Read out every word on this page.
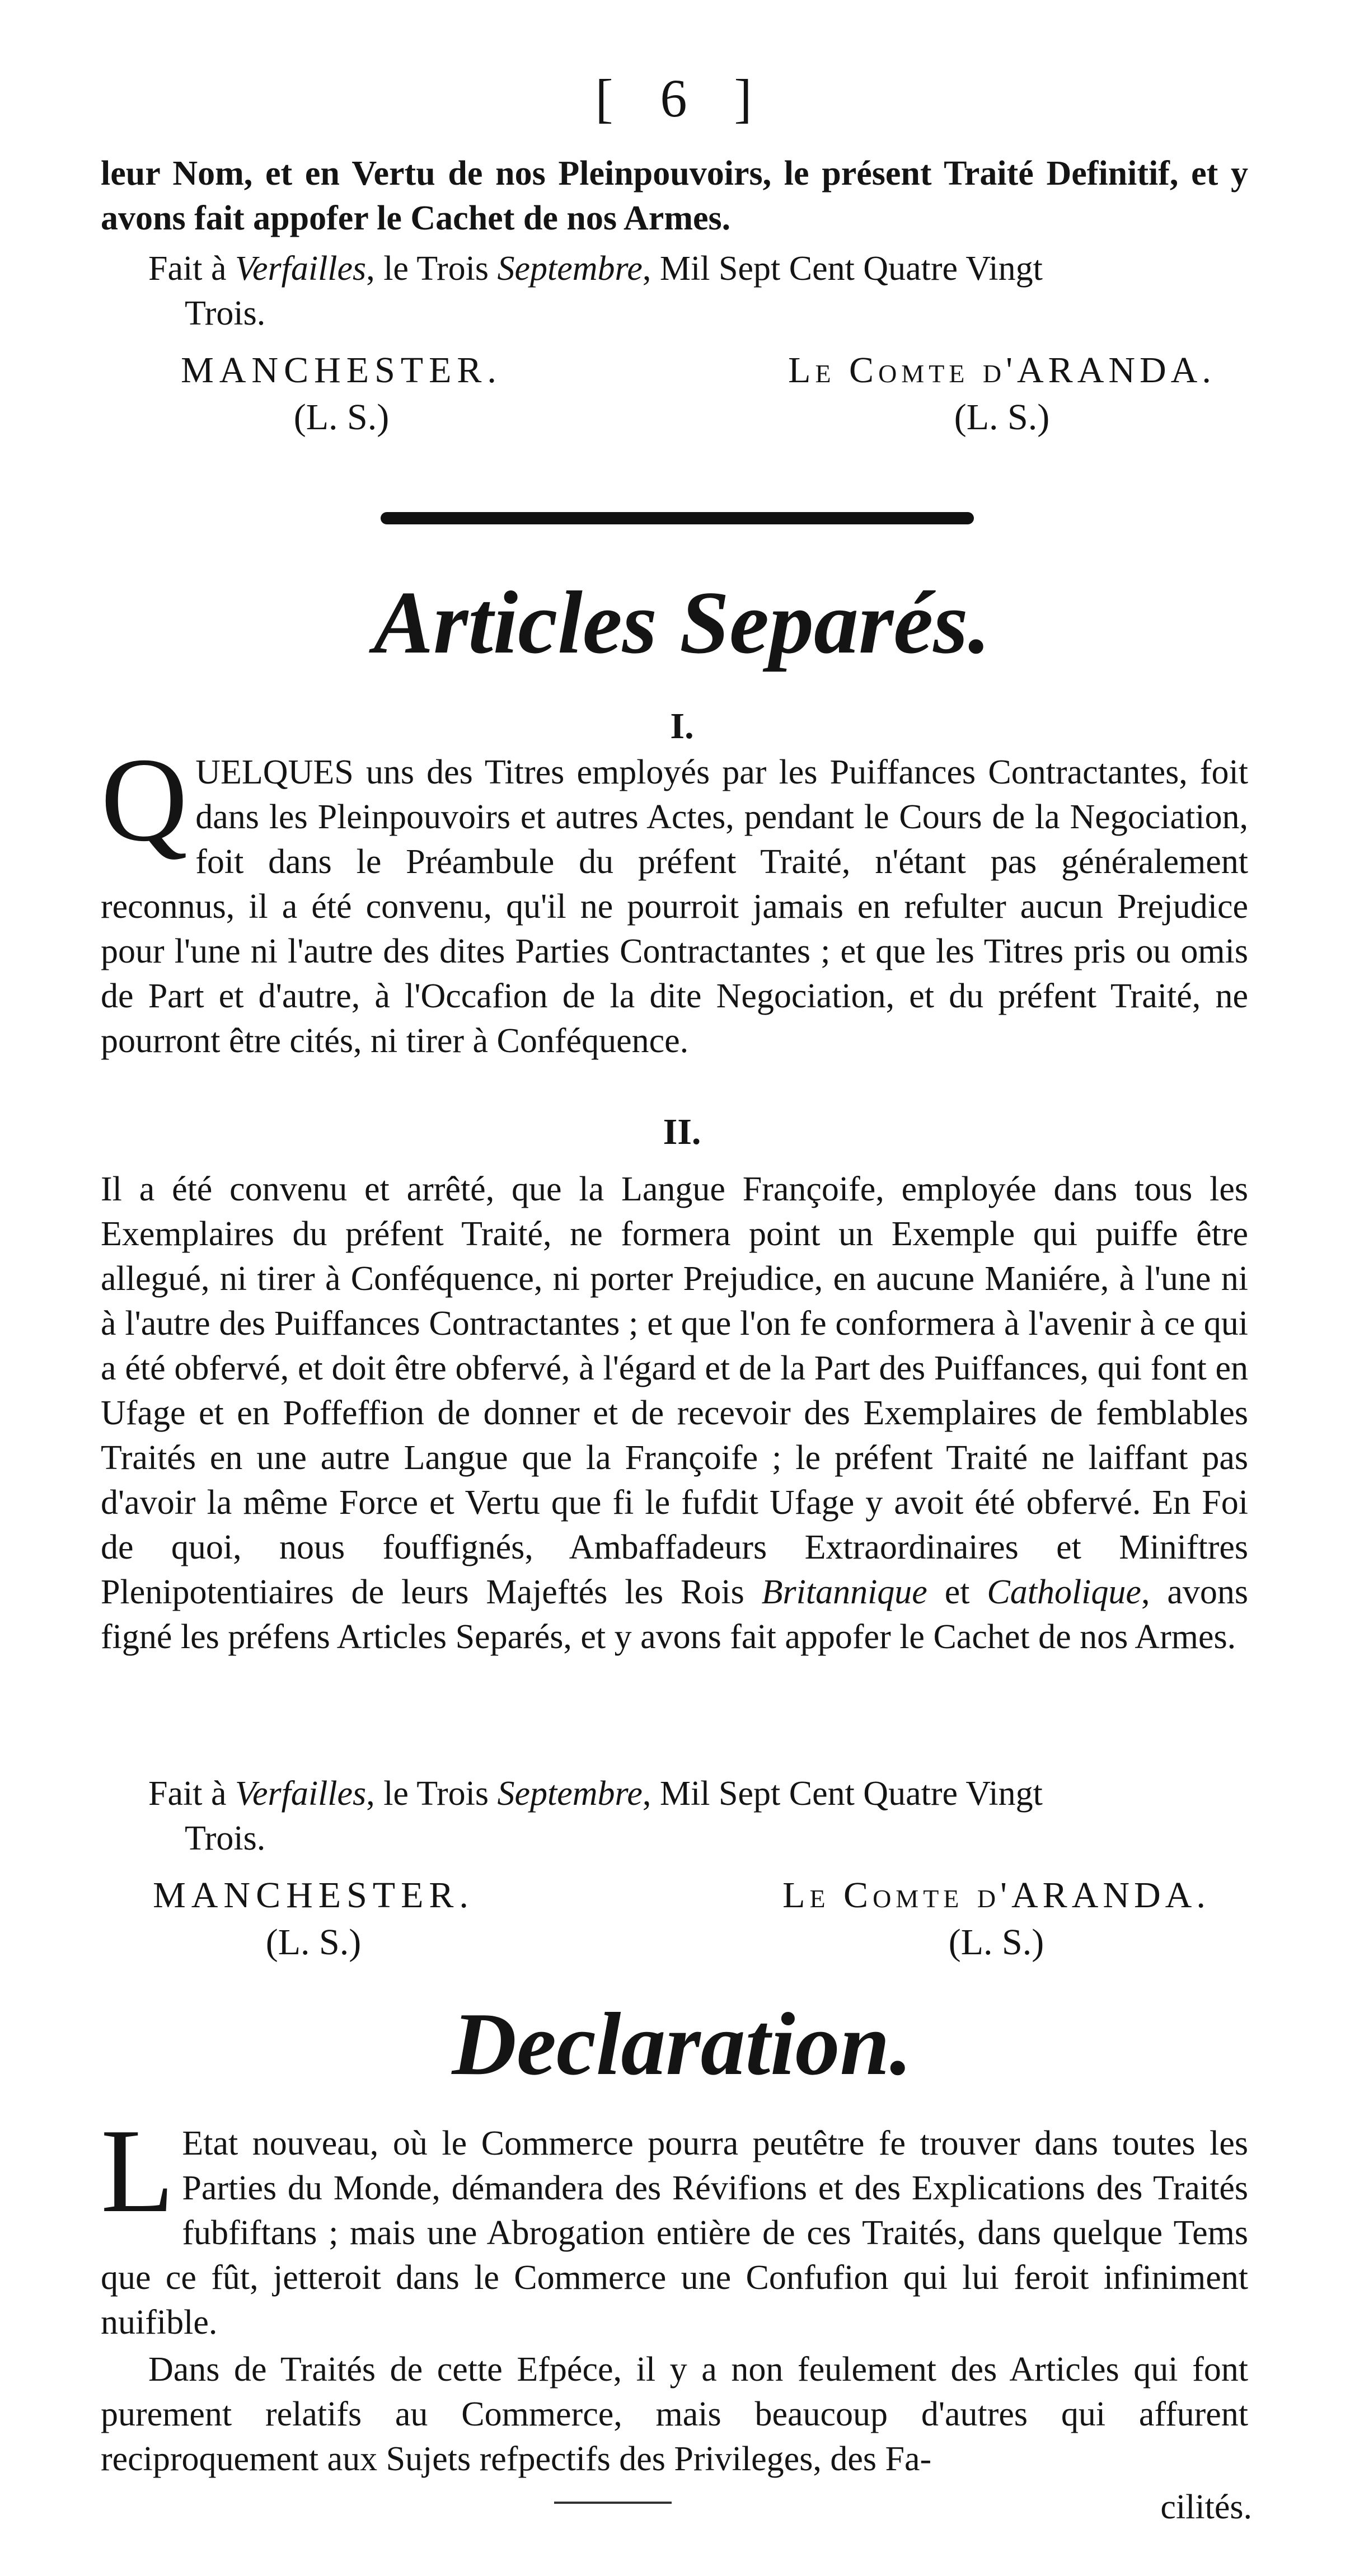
[ 6 ]

leur Nom, et en Vertu de nos Pleinpouvoirs, le présent Traité Definitif, et y avons fait appofer le Cachet de nos Armes.

Fait à Verfailles, le Trois Septembre, Mil Sept Cent Quatre Vingt

Trois.

MANCHESTER.
(L. S.)
Le Comte d'ARANDA.
(L. S.)
Articles Separés.
I.

QUELQUES uns des Titres employés par les Puiffances Contractantes, foit dans les Pleinpouvoirs et autres Actes, pendant le Cours de la Negociation, foit dans le Préambule du préfent Traité, n'étant pas généralement reconnus, il a été convenu, qu'il ne pourroit jamais en refulter aucun Prejudice pour l'une ni l'autre des dites Parties Contractantes ; et que les Titres pris ou omis de Part et d'autre, à l'Occafion de la dite Negociation, et du préfent Traité, ne pourront être cités, ni tirer à Conféquence.

II.

Il a été convenu et arrêté, que la Langue Françoife, employée dans tous les Exemplaires du préfent Traité, ne formera point un Exemple qui puiffe être allegué, ni tirer à Conféquence, ni porter Prejudice, en aucune Maniére, à l'une ni à l'autre des Puiffances Contractantes ; et que l'on fe conformera à l'avenir à ce qui a été obfervé, et doit être obfervé, à l'égard et de la Part des Puiffances, qui font en Ufage et en Poffeffion de donner et de recevoir des Exemplaires de femblables Traités en une autre Langue que la Françoife ; le préfent Traité ne laiffant pas d'avoir la même Force et Vertu que fi le fufdit Ufage y avoit été obfervé. En Foi de quoi, nous fouffignés, Ambaffadeurs Extraordinaires et Miniftres Plenipotentiaires de leurs Majeftés les Rois Britannique et Catholique, avons figné les préfens Articles Separés, et y avons fait appofer le Cachet de nos Armes.

Fait à Verfailles, le Trois Septembre, Mil Sept Cent Quatre Vingt

Trois.

MANCHESTER.
(L. S.)
Le Comte d'ARANDA.
(L. S.)
Declaration.

L Etat nouveau, où le Commerce pourra peutêtre fe trouver dans toutes les Parties du Monde, démandera des Révifions et des Explications des Traités fubfiftans ; mais une Abrogation entière de ces Traités, dans quelque Tems que ce fût, jetteroit dans le Commerce une Confufion qui lui feroit infiniment nuifible.

Dans de Traités de cette Efpéce, il y a non feulement des Articles qui font purement relatifs au Commerce, mais beaucoup d'autres qui affurent reciproquement aux Sujets refpectifs des Privileges, des Fa-

cilités.
